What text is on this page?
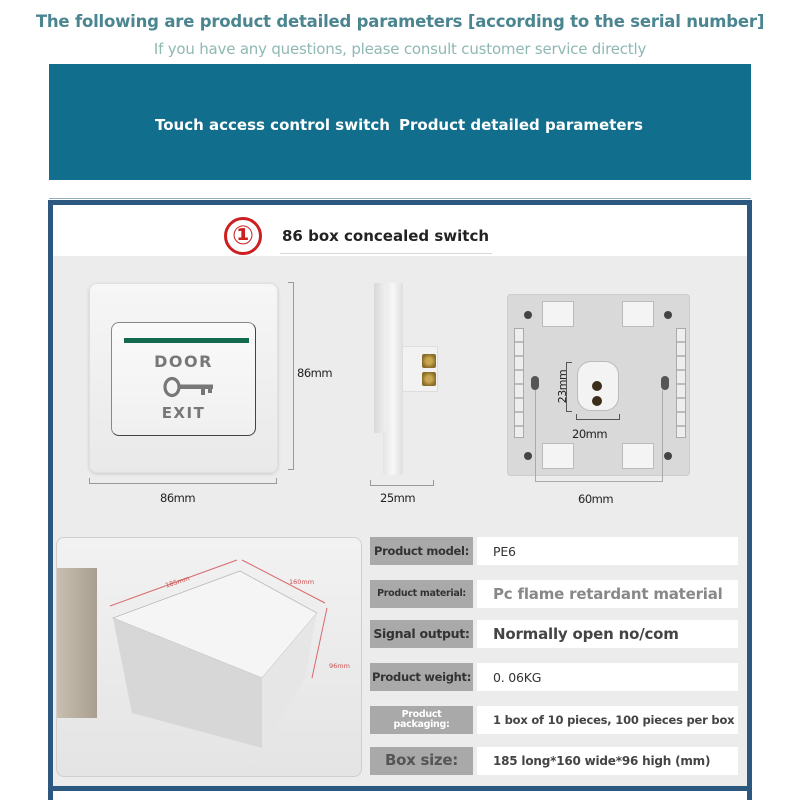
The following are product detailed parameters [according to the serial number]
If you have any questions, please consult customer service directly
Touch access control switch Product detailed parameters
①	86 box concealed switch
DOOR
EXIT
86mm
86mm	25mm
23mm
20mm
60mm
185mm	160mm
96mm
Product model:	PE6
Product material:	Pc flame retardant material
Signal output:	Normally open no/com
Product weight:	0. 06KG
Product packaging:	1 box of 10 pieces, 100 pieces per box
Box size:	185 long*160 wide*96 high (mm)
